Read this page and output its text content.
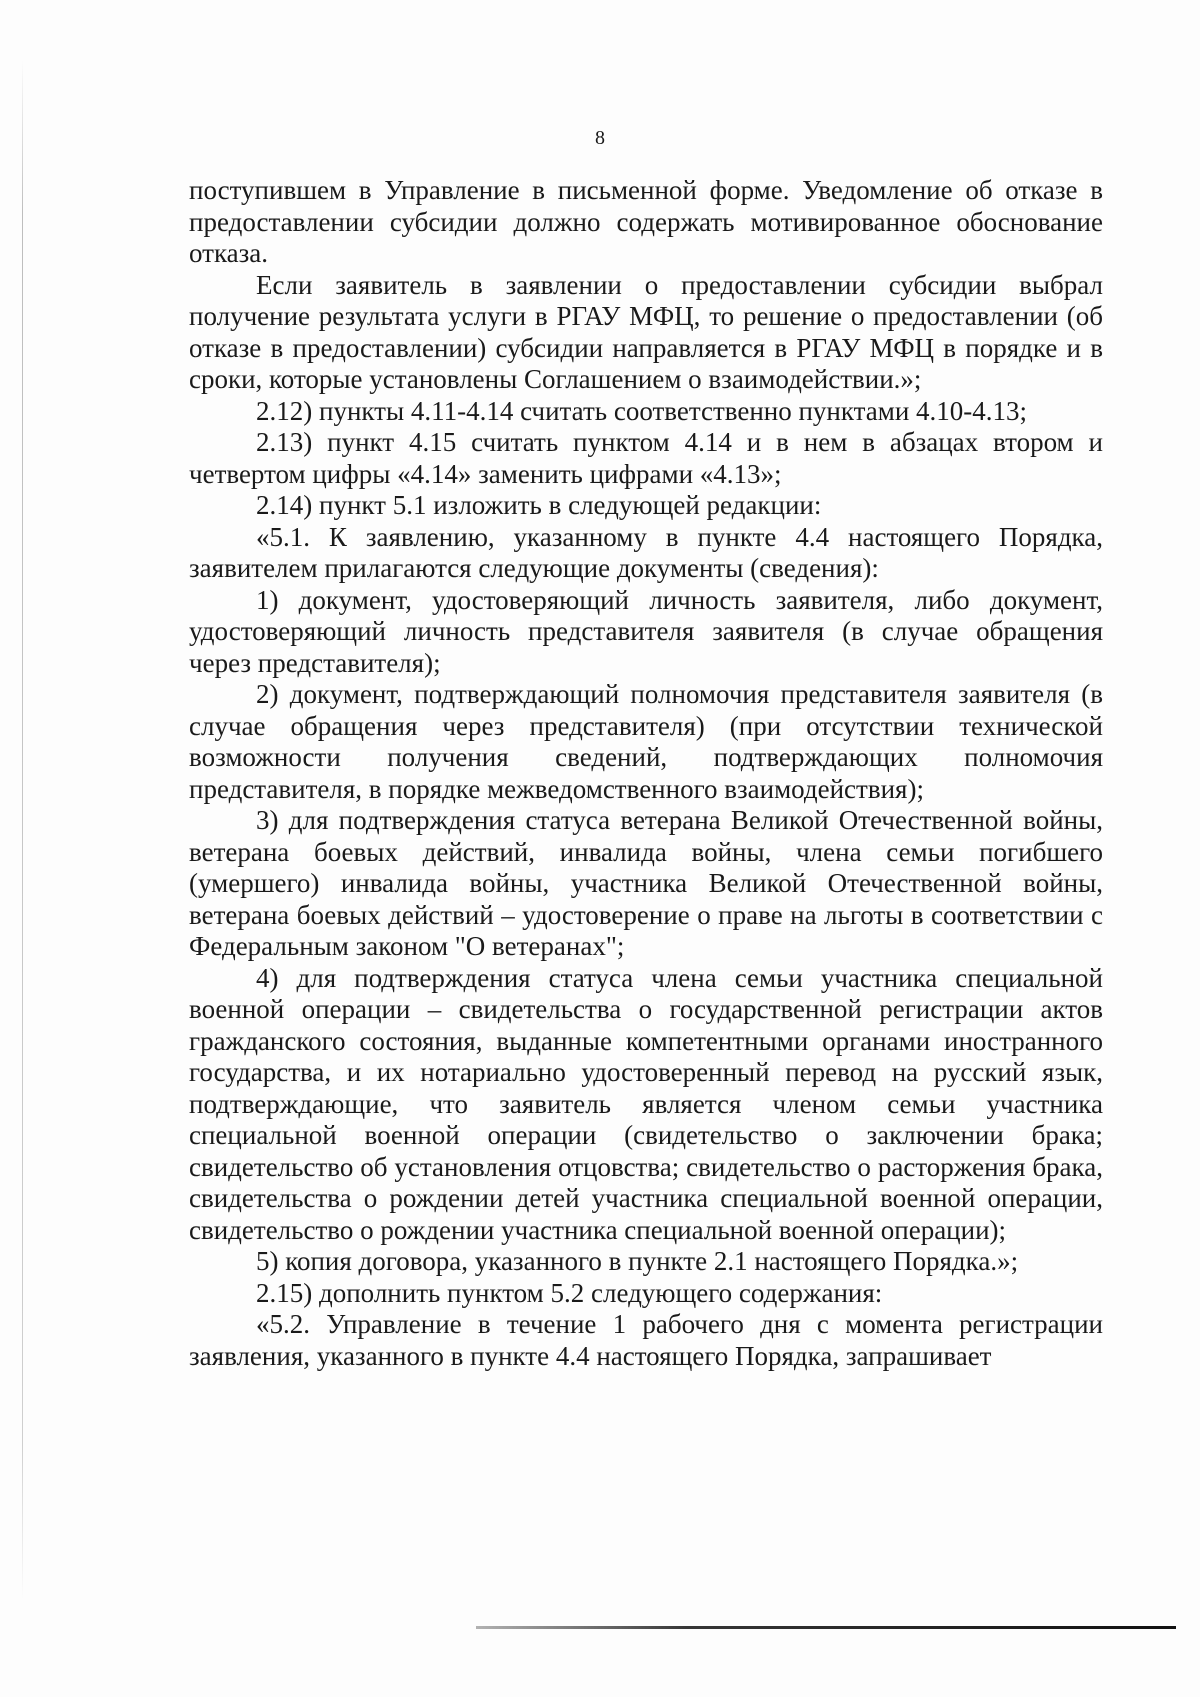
8

поступившем в Управление в письменной форме. Уведомление об отказе в предоставлении субсидии должно содержать мотивированное обоснование отказа.

Если заявитель в заявлении о предоставлении субсидии выбрал получение результата услуги в РГАУ МФЦ, то решение о предоставлении (об отказе в предоставлении) субсидии направляется в РГАУ МФЦ в порядке и в сроки, которые установлены Соглашением о взаимодействии.»;

2.12) пункты 4.11-4.14 считать соответственно пунктами 4.10-4.13;

2.13) пункт 4.15 считать пунктом 4.14 и в нем в абзацах втором и четвертом цифры «4.14» заменить цифрами «4.13»;

2.14) пункт 5.1 изложить в следующей редакции:

«5.1. К заявлению, указанному в пункте 4.4 настоящего Порядка, заявителем прилагаются следующие документы (сведения):

1) документ, удостоверяющий личность заявителя, либо документ, удостоверяющий личность представителя заявителя (в случае обращения через представителя);

2) документ, подтверждающий полномочия представителя заявителя (в случае обращения через представителя) (при отсутствии технической возможности получения сведений, подтверждающих полномочия представителя, в порядке межведомственного взаимодействия);

3) для подтверждения статуса ветерана Великой Отечественной войны, ветерана боевых действий, инвалида войны, члена семьи погибшего (умершего) инвалида войны, участника Великой Отечественной войны, ветерана боевых действий – удостоверение о праве на льготы в соответствии с Федеральным законом "О ветеранах";

4) для подтверждения статуса члена семьи участника специальной военной операции – свидетельства о государственной регистрации актов гражданского состояния, выданные компетентными органами иностранного государства, и их нотариально удостоверенный перевод на русский язык, подтверждающие, что заявитель является членом семьи участника специальной военной операции (свидетельство о заключении брака; свидетельство об установления отцовства; свидетельство о расторжения брака, свидетельства о рождении детей участника специальной военной операции, свидетельство о рождении участника специальной военной операции);

5) копия договора, указанного в пункте 2.1 настоящего Порядка.»;

2.15) дополнить пунктом 5.2 следующего содержания:

«5.2. Управление в течение 1 рабочего дня с момента регистрации заявления, указанного в пункте 4.4 настоящего Порядка, запрашивает
